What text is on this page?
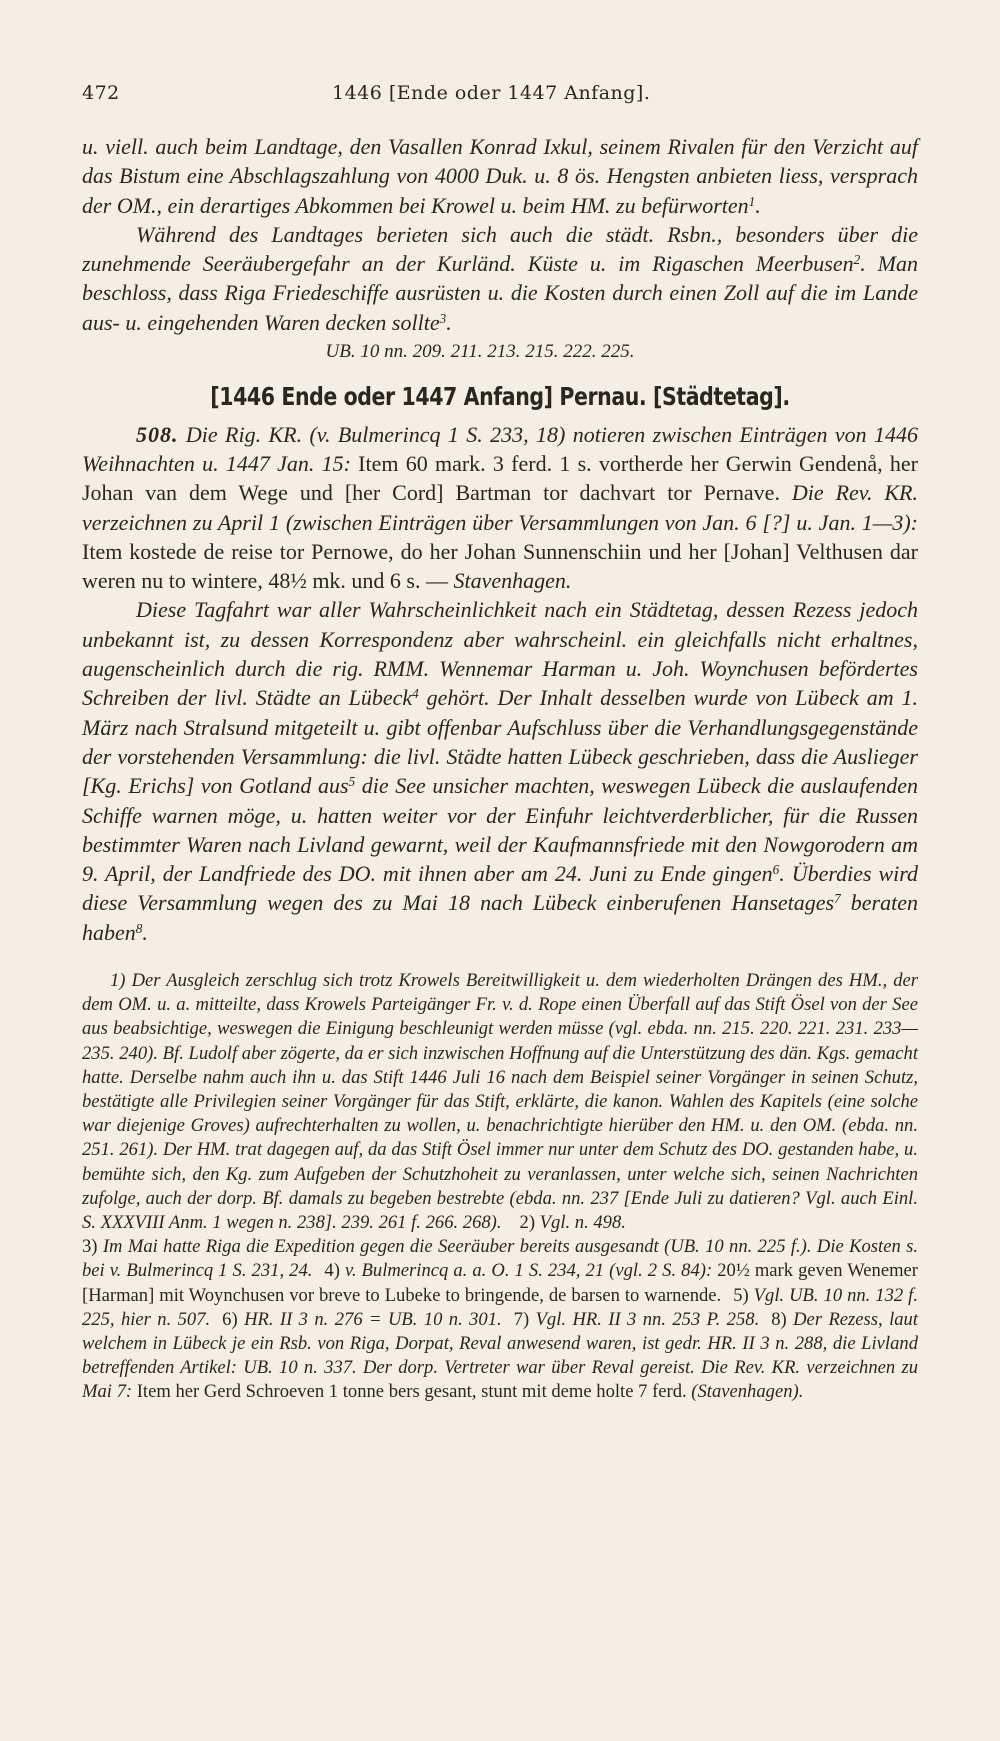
472	1446 [Ende oder 1447 Anfang].

u. viell. auch beim Landtage, den Vasallen Konrad Ixkul, seinem Rivalen für den Verzicht auf das Bistum eine Abschlagszahlung von 4000 Duk. u. 8 ös. Hengsten anbieten liess, versprach der OM., ein derartiges Abkommen bei Krowel u. beim HM. zu befürworten$^1$.

Während des Landtages berieten sich auch die städt. Rsbn., besonders über die zunehmende Seeräubergefahr an der Kurländ. Küste u. im Rigaschen Meerbusen$^2$. Man beschloss, dass Riga Friedeschiffe ausrüsten u. die Kosten durch einen Zoll auf die im Lande aus- u. eingehenden Waren decken sollte$^3$.

UB. 10 nn. 209. 211. 213. 215. 222. 225.

[1446 Ende oder 1447 Anfang] Pernau. [Städtetag].

508. Die Rig. KR. (v. Bulmerincq 1 S. 233, 18) notieren zwischen Einträgen von 1446 Weihnachten u. 1447 Jan. 15: Item 60 mark. 3 ferd. 1 s. vortherde her Gerwin Gendenå, her Johan van dem Wege und [her Cord] Bartman tor dachvart tor Pernave. Die Rev. KR. verzeichnen zu April 1 (zwischen Einträgen über Versammlungen von Jan. 6 [?] u. Jan. 1—3): Item kostede de reise tor Pernowe, do her Johan Sunnenschiin und her [Johan] Velthusen dar weren nu to wintere, 48½ mk. und 6 s. — Stavenhagen.

Diese Tagfahrt war aller Wahrscheinlichkeit nach ein Städtetag, dessen Rezess jedoch unbekannt ist, zu dessen Korrespondenz aber wahrscheinl. ein gleichfalls nicht erhaltnes, augenscheinlich durch die rig. RMM. Wennemar Harman u. Joh. Woynchusen befördertes Schreiben der livl. Städte an Lübeck$^4$ gehört. Der Inhalt desselben wurde von Lübeck am 1. März nach Stralsund mitgeteilt u. gibt offenbar Aufschluss über die Verhandlungsgegenstände der vorstehenden Versammlung: die livl. Städte hatten Lübeck geschrieben, dass die Auslieger [Kg. Erichs] von Gotland aus$^5$ die See unsicher machten, weswegen Lübeck die auslaufenden Schiffe warnen möge, u. hatten weiter vor der Einfuhr leichtverderblicher, für die Russen bestimmter Waren nach Livland gewarnt, weil der Kaufmannsfriede mit den Nowgorodern am 9. April, der Landfriede des DO. mit ihnen aber am 24. Juni zu Ende gingen$^6$. Überdies wird diese Versammlung wegen des zu Mai 18 nach Lübeck einberufenen Hansetages$^7$ beraten haben$^8$.

1) Der Ausgleich zerschlug sich trotz Krowels Bereitwilligkeit u. dem wiederholten Drängen des HM., der dem OM. u. a. mitteilte, dass Krowels Parteigänger Fr. v. d. Rope einen Überfall auf das Stift Ösel von der See aus beabsichtige, weswegen die Einigung beschleunigt werden müsse (vgl. ebda. nn. 215. 220. 221. 231. 233—235. 240). Bf. Ludolf aber zögerte, da er sich inzwischen Hoffnung auf die Unterstützung des dän. Kgs. gemacht hatte. Derselbe nahm auch ihn u. das Stift 1446 Juli 16 nach dem Beispiel seiner Vorgänger in seinen Schutz, bestätigte alle Privilegien seiner Vorgänger für das Stift, erklärte, die kanon. Wahlen des Kapitels (eine solche war diejenige Groves) aufrechterhalten zu wollen, u. benachrichtigte hierüber den HM. u. den OM. (ebda. nn. 251. 261). Der HM. trat dagegen auf, da das Stift Ösel immer nur unter dem Schutz des DO. gestanden habe, u. bemühte sich, den Kg. zum Aufgeben der Schutzhoheit zu veranlassen, unter welche sich, seinen Nachrichten zufolge, auch der dorp. Bf. damals zu begeben bestrebte (ebda. nn. 237 [Ende Juli zu datieren? Vgl. auch Einl. S. XXXVIII Anm. 1 wegen n. 238]. 239. 261 f. 266. 268). 2) Vgl. n. 498.

3) Im Mai hatte Riga die Expedition gegen die Seeräuber bereits ausgesandt (UB. 10 nn. 225 f.). Die Kosten s. bei v. Bulmerincq 1 S. 231, 24. 4) v. Bulmerincq a. a. O. 1 S. 234, 21 (vgl. 2 S. 84): 20½ mark geven Wenemer [Harman] mit Woynchusen vor breve to Lubeke to bringende, de barsen to warnende. 5) Vgl. UB. 10 nn. 132 f. 225, hier n. 507. 6) HR. II 3 n. 276 = UB. 10 n. 301. 7) Vgl. HR. II 3 nn. 253 P. 258. 8) Der Rezess, laut welchem in Lübeck je ein Rsb. von Riga, Dorpat, Reval anwesend waren, ist gedr. HR. II 3 n. 288, die Livland betreffenden Artikel: UB. 10 n. 337. Der dorp. Vertreter war über Reval gereist. Die Rev. KR. verzeichnen zu Mai 7: Item her Gerd Schroeven 1 tonne bers gesant, stunt mit deme holte 7 ferd. (Stavenhagen).
